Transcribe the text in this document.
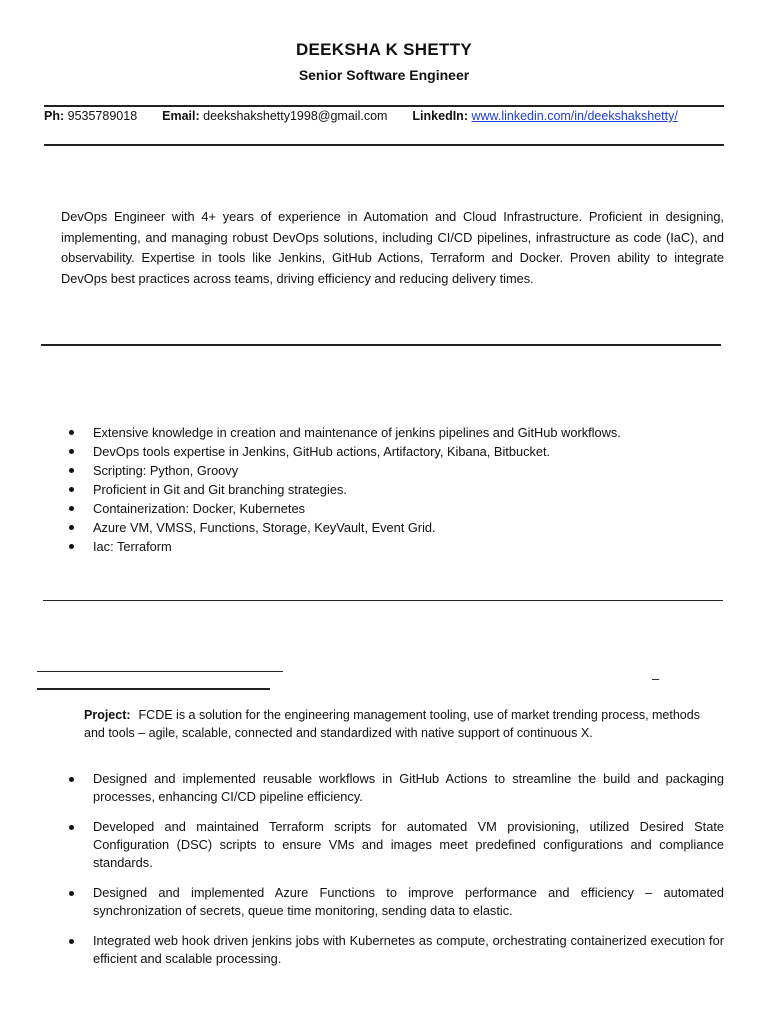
DEEKSHA K SHETTY
Senior Software Engineer
Ph: 9535789018 Email: deekshakshetty1998@gmail.com LinkedIn: www.linkedin.com/in/deekshakshetty/
DevOps Engineer with 4+ years of experience in Automation and Cloud Infrastructure. Proficient in designing, implementing, and managing robust DevOps solutions, including CI/CD pipelines, infrastructure as code (IaC), and observability. Expertise in tools like Jenkins, GitHub Actions, Terraform and Docker. Proven ability to integrate DevOps best practices across teams, driving efficiency and reducing delivery times.
Extensive knowledge in creation and maintenance of jenkins pipelines and GitHub workflows.
DevOps tools expertise in Jenkins, GitHub actions, Artifactory, Kibana, Bitbucket.
Scripting: Python, Groovy
Proficient in Git and Git branching strategies.
Containerization: Docker, Kubernetes
Azure VM, VMSS, Functions, Storage, KeyVault, Event Grid.
Iac: Terraform
–
Project: FCDE is a solution for the engineering management tooling, use of market trending process, methods and tools – agile, scalable, connected and standardized with native support of continuous X.
Designed and implemented reusable workflows in GitHub Actions to streamline the build and packaging processes, enhancing CI/CD pipeline efficiency.
Developed and maintained Terraform scripts for automated VM provisioning, utilized Desired State Configuration (DSC) scripts to ensure VMs and images meet predefined configurations and compliance standards.
Designed and implemented Azure Functions to improve performance and efficiency – automated synchronization of secrets, queue time monitoring, sending data to elastic.
Integrated web hook driven jenkins jobs with Kubernetes as compute, orchestrating containerized execution for efficient and scalable processing.
